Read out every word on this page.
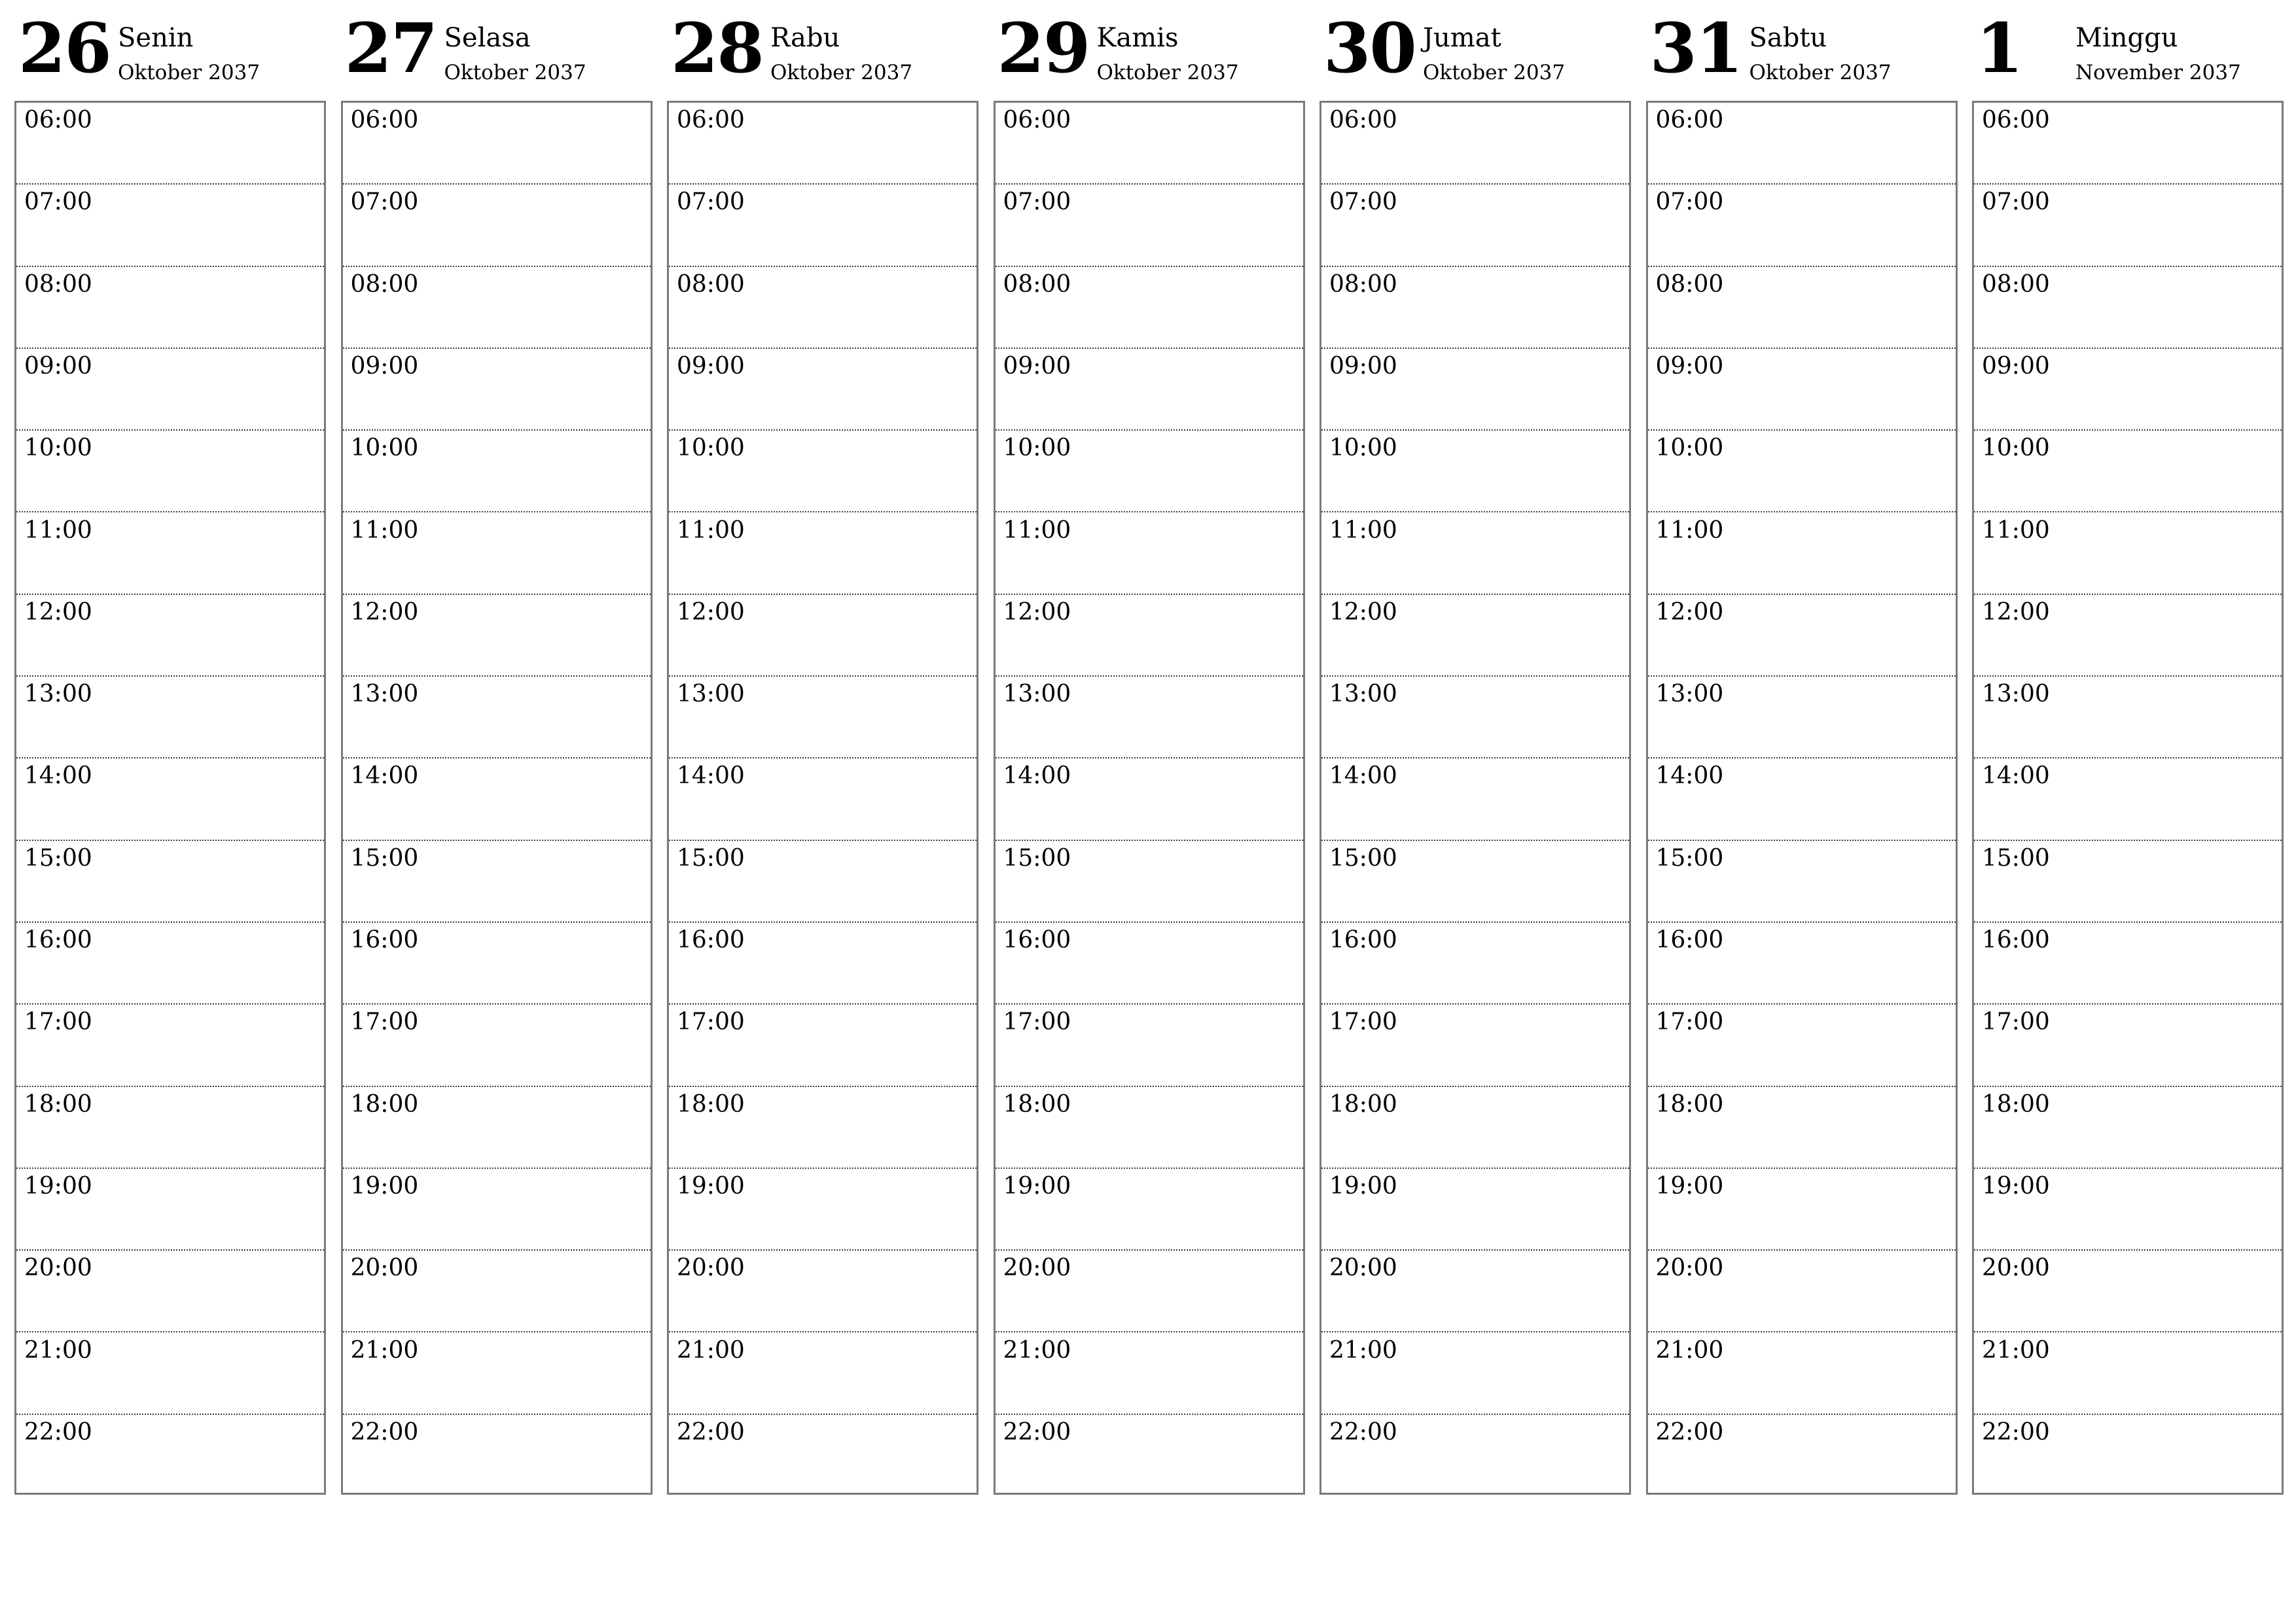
26 Senin
Oktober 2037
06:00
07:00
08:00
09:00
10:00
11:00
12:00
13:00
14:00
15:00
16:00
17:00
18:00
19:00
20:00
21:00
22:00
27 Selasa
Oktober 2037
06:00
07:00
08:00
09:00
10:00
11:00
12:00
13:00
14:00
15:00
16:00
17:00
18:00
19:00
20:00
21:00
22:00
28 Rabu
Oktober 2037
06:00
07:00
08:00
09:00
10:00
11:00
12:00
13:00
14:00
15:00
16:00
17:00
18:00
19:00
20:00
21:00
22:00
29 Kamis
Oktober 2037
06:00
07:00
08:00
09:00
10:00
11:00
12:00
13:00
14:00
15:00
16:00
17:00
18:00
19:00
20:00
21:00
22:00
30 Jumat
Oktober 2037
06:00
07:00
08:00
09:00
10:00
11:00
12:00
13:00
14:00
15:00
16:00
17:00
18:00
19:00
20:00
21:00
22:00
31 Sabtu
Oktober 2037
06:00
07:00
08:00
09:00
10:00
11:00
12:00
13:00
14:00
15:00
16:00
17:00
18:00
19:00
20:00
21:00
22:00
1 Minggu
November 2037
06:00
07:00
08:00
09:00
10:00
11:00
12:00
13:00
14:00
15:00
16:00
17:00
18:00
19:00
20:00
21:00
22:00
